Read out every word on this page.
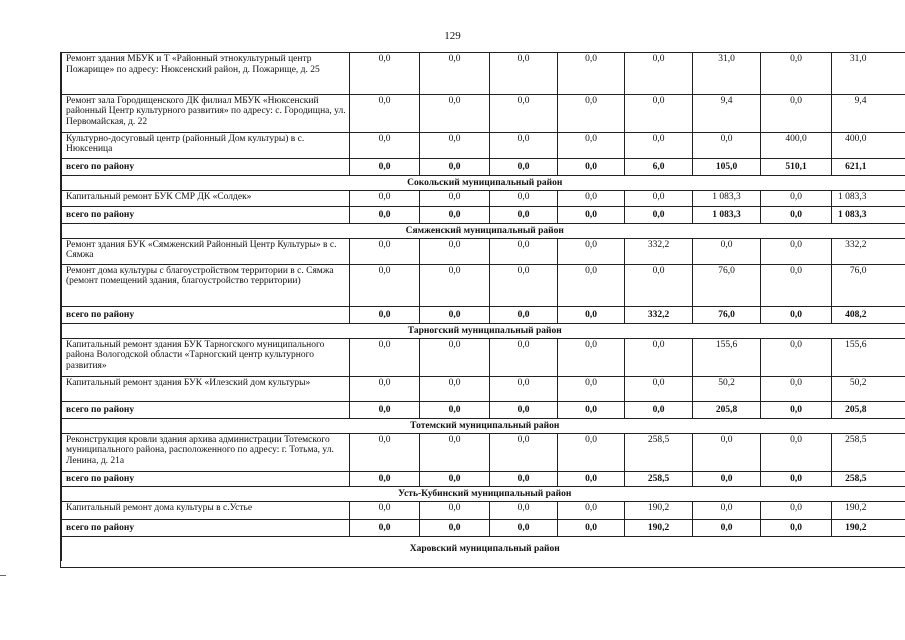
129
Ремонт здания МБУК и Т «Районный этнокультурный центр Пожарище» по адресу: Нюксенский район, д. Пожарище, д. 25	0,0	0,0	0,0	0,0	0,0	31,0	0,0	31,0
Ремонт зала Городищенского ДК филиал МБУК «Нюксенский районный Центр культурного развития» по адресу: с. Городищна, ул. Первомайская, д. 22	0,0	0,0	0,0	0,0	0,0	9,4	0,0	9,4
Культурно-досуговый центр (районный Дом культуры) в с. Нюксеница	0,0	0,0	0,0	0,0	0,0	0,0	400,0	400,0
всего по району	0,0	0,0	0,0	0,0	6,0	105,0	510,1	621,1
Сокольский муниципальный район								
Капитальный ремонт БУК СМР ДК «Солдек»	0,0	0,0	0,0	0,0	0,0	1 083,3	0,0	1 083,3
всего по району	0,0	0,0	0,0	0,0	0,0	1 083,3	0,0	1 083,3
Сямженский муниципальный район								
Ремонт здания БУК «Сямженский Районный Центр Культуры» в с. Сямжа	0,0	0,0	0,0	0,0	332,2	0,0	0,0	332,2
Ремонт дома культуры с благоустройством территории в с. Сямжа (ремонт помещений здания, благоустройство территории)	0,0	0,0	0,0	0,0	0,0	76,0	0,0	76,0
всего по району	0,0	0,0	0,0	0,0	332,2	76,0	0,0	408,2
Тарногский муниципальный район								
Капитальный ремонт здания БУК Тарногского муниципального района Вологодской области «Тарногский центр культурного развития»	0,0	0,0	0,0	0,0	0,0	155,6	0,0	155,6
Капитальный ремонт здания БУК «Илезский дом культуры»	0,0	0,0	0,0	0,0	0,0	50,2	0,0	50,2
всего по району	0,0	0,0	0,0	0,0	0,0	205,8	0,0	205,8
Тотемский муниципальный район								
Реконструкция кровли здания архива администрации Тотемского муниципального района, расположенного по адресу: г. Тотьма, ул. Ленина, д. 21а	0,0	0,0	0,0	0,0	258,5	0,0	0,0	258,5
всего по району	0,0	0,0	0,0	0,0	258,5	0,0	0,0	258,5
Усть-Кубинский муниципальный район								
Капитальный ремонт дома культуры в с.Устье	0,0	0,0	0,0	0,0	190,2	0,0	0,0	190,2
всего по району	0,0	0,0	0,0	0,0	190,2	0,0	0,0	190,2
Харовский муниципальный район								
